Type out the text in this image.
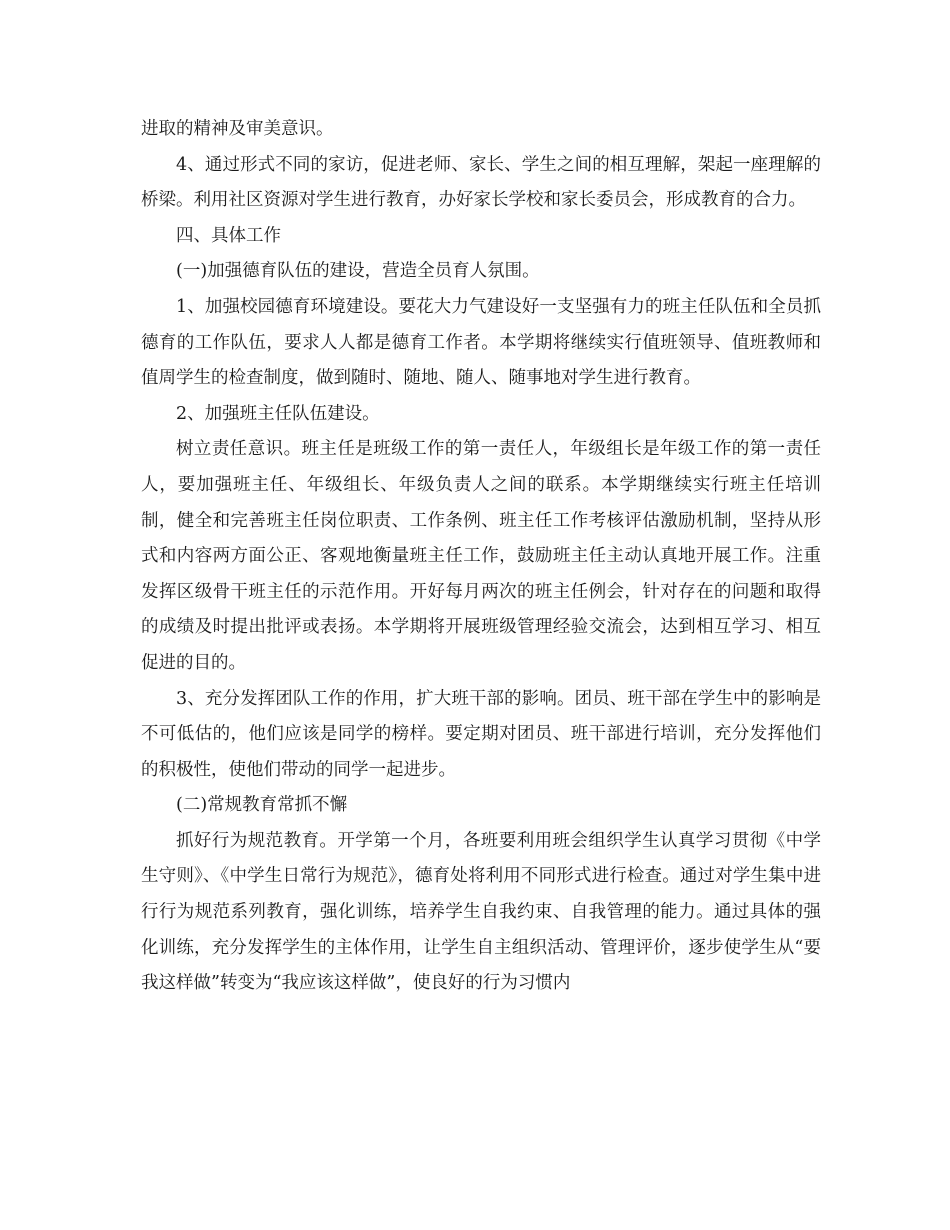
进取的精神及审美意识。

4、通过形式不同的家访，促进老师、家长、学生之间的相互理解，架起一座理解的桥梁。利用社区资源对学生进行教育，办好家长学校和家长委员会，形成教育的合力。

四、具体工作

(一)加强德育队伍的建设，营造全员育人氛围。

1、加强校园德育环境建设。要花大力气建设好一支坚强有力的班主任队伍和全员抓德育的工作队伍，要求人人都是德育工作者。本学期将继续实行值班领导、值班教师和值周学生的检查制度，做到随时、随地、随人、随事地对学生进行教育。

2、加强班主任队伍建设。

树立责任意识。班主任是班级工作的第一责任人，年级组长是年级工作的第一责任人，要加强班主任、年级组长、年级负责人之间的联系。本学期继续实行班主任培训制，健全和完善班主任岗位职责、工作条例、班主任工作考核评估激励机制，坚持从形式和内容两方面公正、客观地衡量班主任工作，鼓励班主任主动认真地开展工作。注重发挥区级骨干班主任的示范作用。开好每月两次的班主任例会，针对存在的问题和取得的成绩及时提出批评或表扬。本学期将开展班级管理经验交流会，达到相互学习、相互促进的目的。

3、充分发挥团队工作的作用，扩大班干部的影响。团员、班干部在学生中的影响是不可低估的，他们应该是同学的榜样。要定期对团员、班干部进行培训，充分发挥他们的积极性，使他们带动的同学一起进步。

(二)常规教育常抓不懈

抓好行为规范教育。开学第一个月，各班要利用班会组织学生认真学习贯彻《中学生守则》、《中学生日常行为规范》，德育处将利用不同形式进行检查。通过对学生集中进行行为规范系列教育，强化训练，培养学生自我约束、自我管理的能力。通过具体的强化训练，充分发挥学生的主体作用，让学生自主组织活动、管理评价，逐步使学生从“要我这样做”转变为“我应该这样做”，使良好的行为习惯内
